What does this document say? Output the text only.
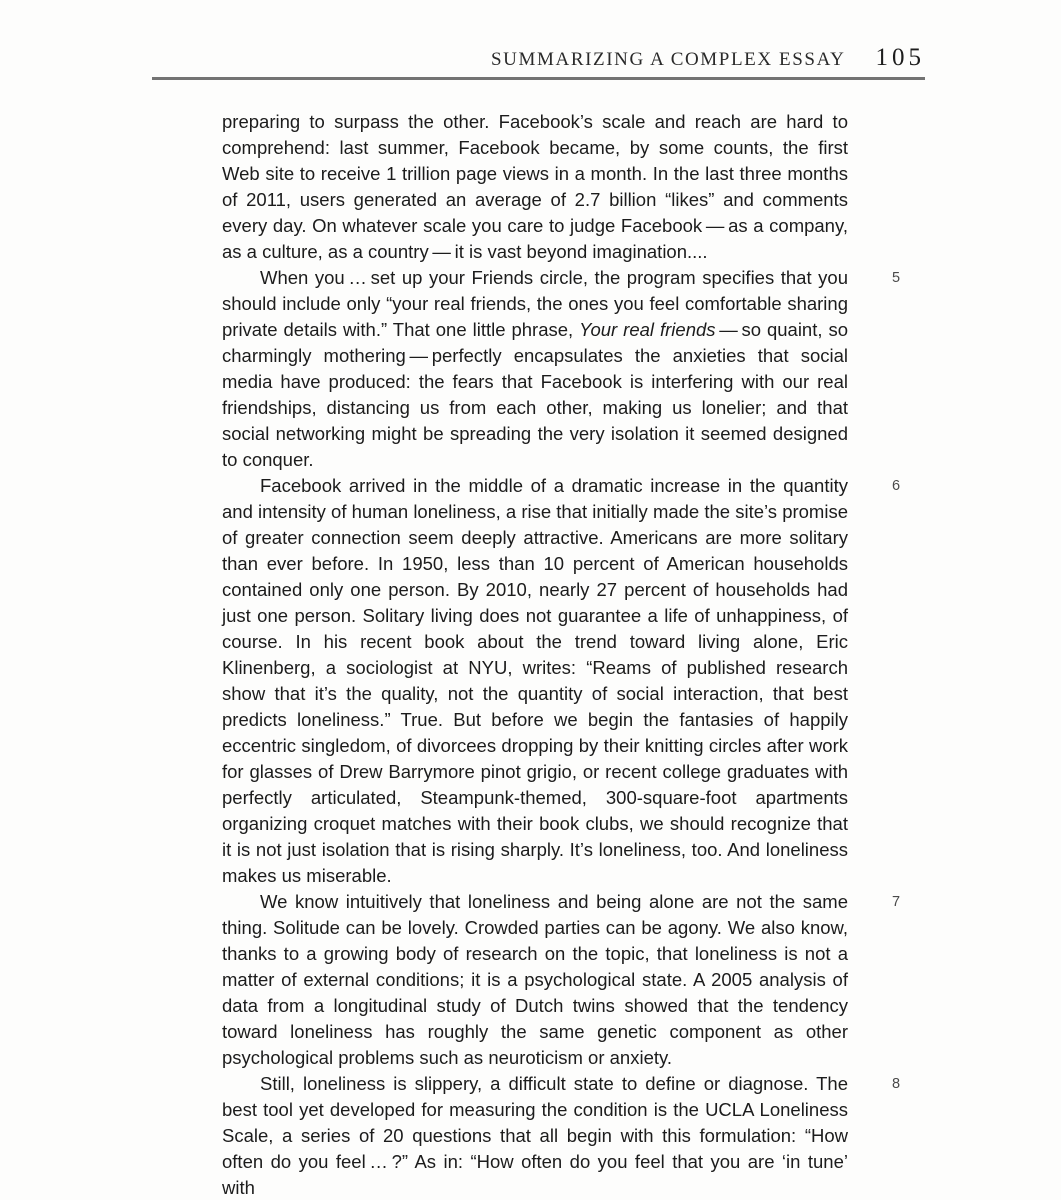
SUMMARIZING A COMPLEX ESSAY 105
preparing to surpass the other. Facebook’s scale and reach are hard to comprehend: last summer, Facebook became, by some counts, the first Web site to receive 1 trillion page views in a month. In the last three months of 2011, users generated an average of 2.7 billion “likes” and comments every day. On whatever scale you care to judge Facebook — as a company, as a culture, as a country — it is vast beyond imagination....
When you … set up your Friends circle, the program specifies that you should include only “your real friends, the ones you feel comfortable sharing private details with.” That one little phrase, Your real friends — so quaint, so charmingly mothering — perfectly encapsulates the anxieties that social media have produced: the fears that Facebook is interfering with our real friendships, distancing us from each other, making us lonelier; and that social networking might be spreading the very isolation it seemed designed to conquer.
5
Facebook arrived in the middle of a dramatic increase in the quantity and intensity of human loneliness, a rise that initially made the site’s promise of greater connection seem deeply attractive. Americans are more solitary than ever before. In 1950, less than 10 percent of American households contained only one person. By 2010, nearly 27 percent of households had just one person. Solitary living does not guarantee a life of unhappiness, of course. In his recent book about the trend toward living alone, Eric Klinenberg, a sociologist at NYU, writes: “Reams of published research show that it’s the quality, not the quantity of social interaction, that best predicts loneliness.” True. But before we begin the fantasies of happily eccentric singledom, of divorcees dropping by their knitting circles after work for glasses of Drew Barrymore pinot grigio, or recent college graduates with perfectly articulated, Steampunk-themed, 300-square-foot apartments organizing croquet matches with their book clubs, we should recognize that it is not just isolation that is rising sharply. It’s loneliness, too. And loneliness makes us miserable.
6
We know intuitively that loneliness and being alone are not the same thing. Solitude can be lovely. Crowded parties can be agony. We also know, thanks to a growing body of research on the topic, that loneliness is not a matter of external conditions; it is a psychological state. A 2005 analysis of data from a longitudinal study of Dutch twins showed that the tendency toward loneliness has roughly the same genetic component as other psychological problems such as neuroticism or anxiety.
7
Still, loneliness is slippery, a difficult state to define or diagnose. The best tool yet developed for measuring the condition is the UCLA Loneliness Scale, a series of 20 questions that all begin with this formulation: “How often do you feel … ?” As in: “How often do you feel that you are ‘in tune’ with
8
